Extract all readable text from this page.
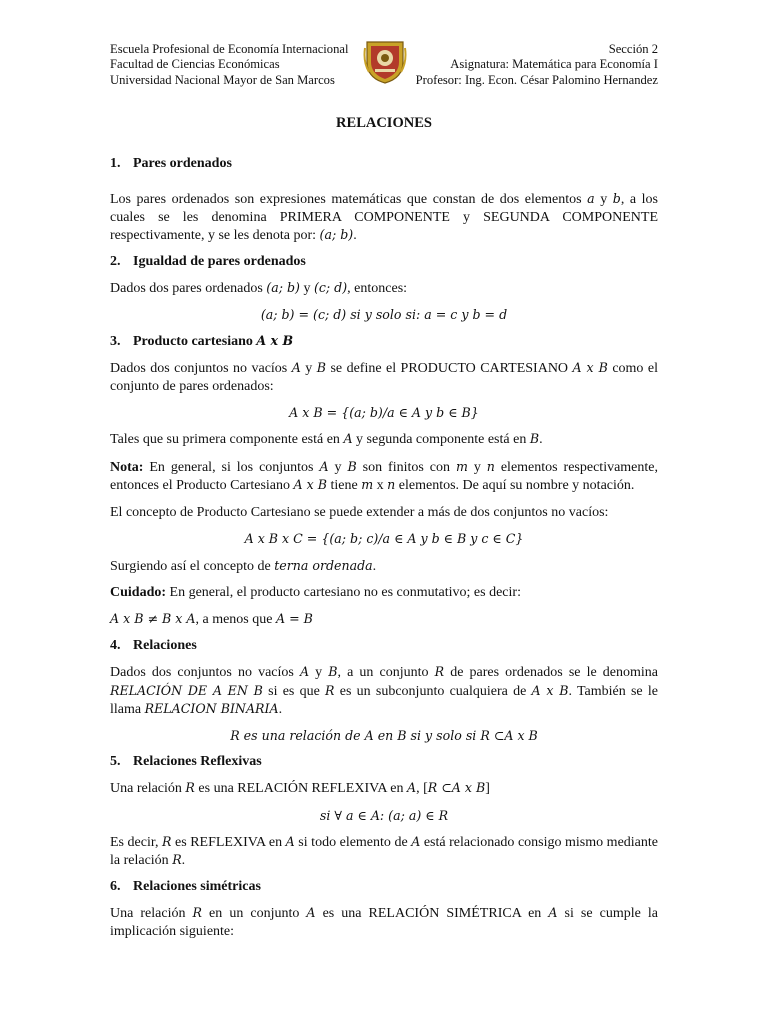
Escuela Profesional de Economía Internacional
Facultad de Ciencias Económicas
Universidad Nacional Mayor de San Marcos
Sección 2
Asignatura: Matemática para Economía I
Profesor: Ing. Econ. César Palomino Hernandez
RELACIONES

1. Pares ordenados

Los pares ordenados son expresiones matemáticas que constan de dos elementos a y b, a los cuales se les denomina PRIMERA COMPONENTE y SEGUNDA COMPONENTE respectivamente, y se les denota por: (a; b).

2. Igualdad de pares ordenados

Dados dos pares ordenados (a; b) y (c; d), entonces:

(a; b) = (c; d) si y solo si: a = c y b = d

3. Producto cartesiano A x B

Dados dos conjuntos no vacíos A y B se define el PRODUCTO CARTESIANO A x B como el conjunto de pares ordenados:

A x B = {(a; b)/a ∈ A y b ∈ B}

Tales que su primera componente está en A y segunda componente está en B.

Nota: En general, si los conjuntos A y B son finitos con m y n elementos respectivamente, entonces el Producto Cartesiano A x B tiene m x n elementos. De aquí su nombre y notación.

El concepto de Producto Cartesiano se puede extender a más de dos conjuntos no vacíos:

A x B x C = {(a; b; c)/a ∈ A y b ∈ B y c ∈ C}

Surgiendo así el concepto de terna ordenada.

Cuidado: En general, el producto cartesiano no es conmutativo; es decir:

A x B ≠ B x A, a menos que A = B

4. Relaciones

Dados dos conjuntos no vacíos A y B, a un conjunto R de pares ordenados se le denomina RELACIÓN DE A EN B si es que R es un subconjunto cualquiera de A x B. También se le llama RELACION BINARIA.

R es una relación de A en B si y solo si R ⊂A x B

5. Relaciones Reflexivas

Una relación R es una RELACIÓN REFLEXIVA en A, [R ⊂A x B]

si ∀ a ∈ A: (a; a) ∈ R

Es decir, R es REFLEXIVA en A si todo elemento de A está relacionado consigo mismo mediante la relación R.

6. Relaciones simétricas

Una relación R en un conjunto A es una RELACIÓN SIMÉTRICA en A si se cumple la implicación siguiente:
